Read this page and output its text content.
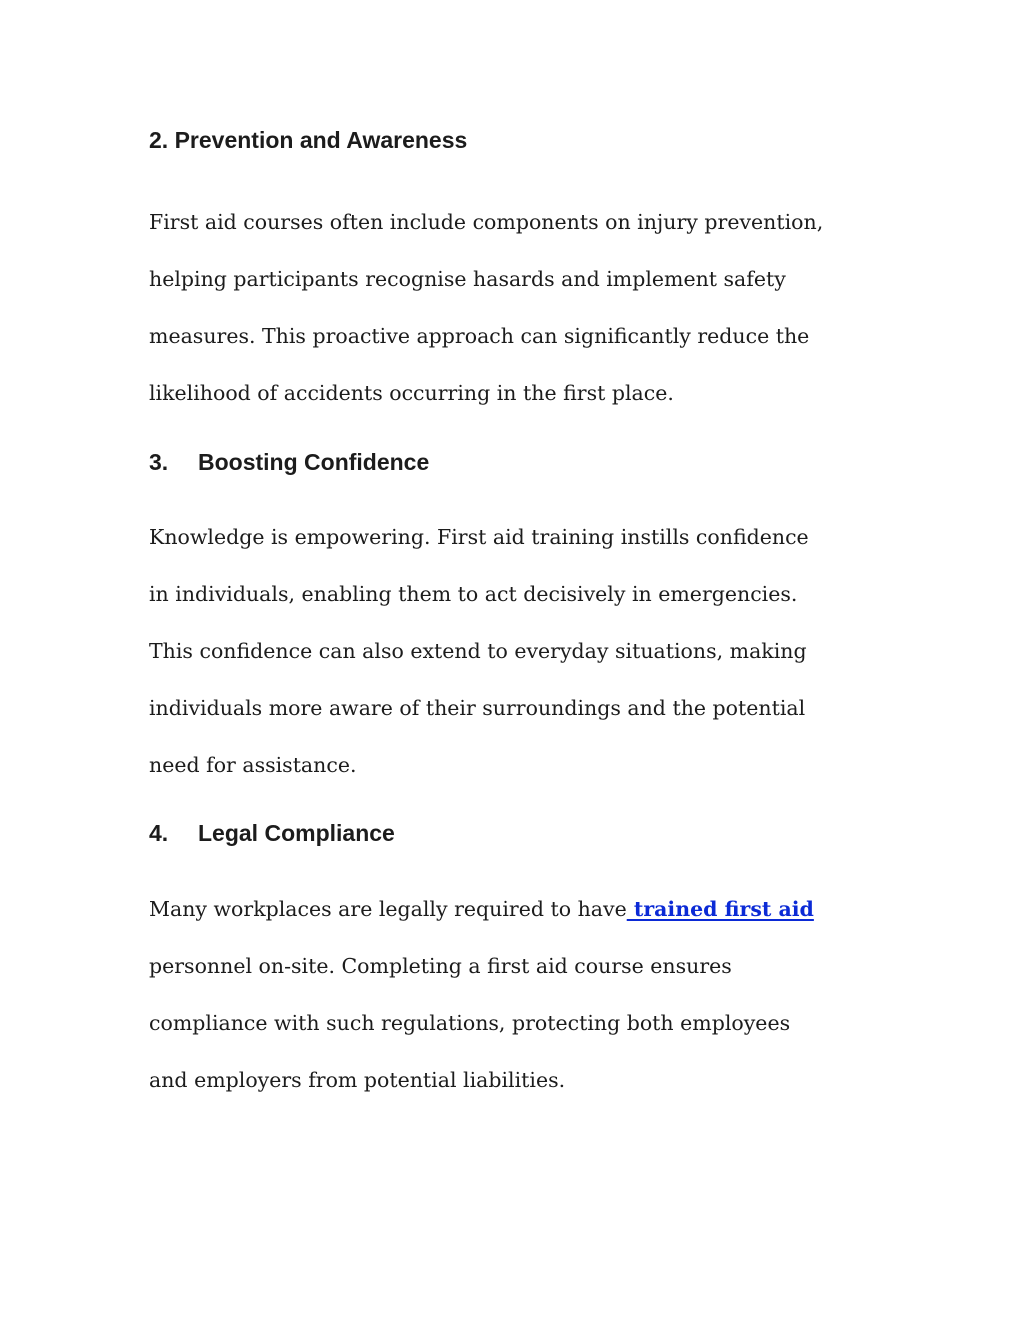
2. Prevention and Awareness
First aid courses often include components on injury prevention,
helping participants recognise hasards and implement safety
measures. This proactive approach can significantly reduce the
likelihood of accidents occurring in the first place.
3. Boosting Confidence
Knowledge is empowering. First aid training instills confidence
in individuals, enabling them to act decisively in emergencies.
This confidence can also extend to everyday situations, making
individuals more aware of their surroundings and the potential
need for assistance.
4. Legal Compliance
Many workplaces are legally required to have trained first aid
personnel on-site. Completing a first aid course ensures
compliance with such regulations, protecting both employees
and employers from potential liabilities.
